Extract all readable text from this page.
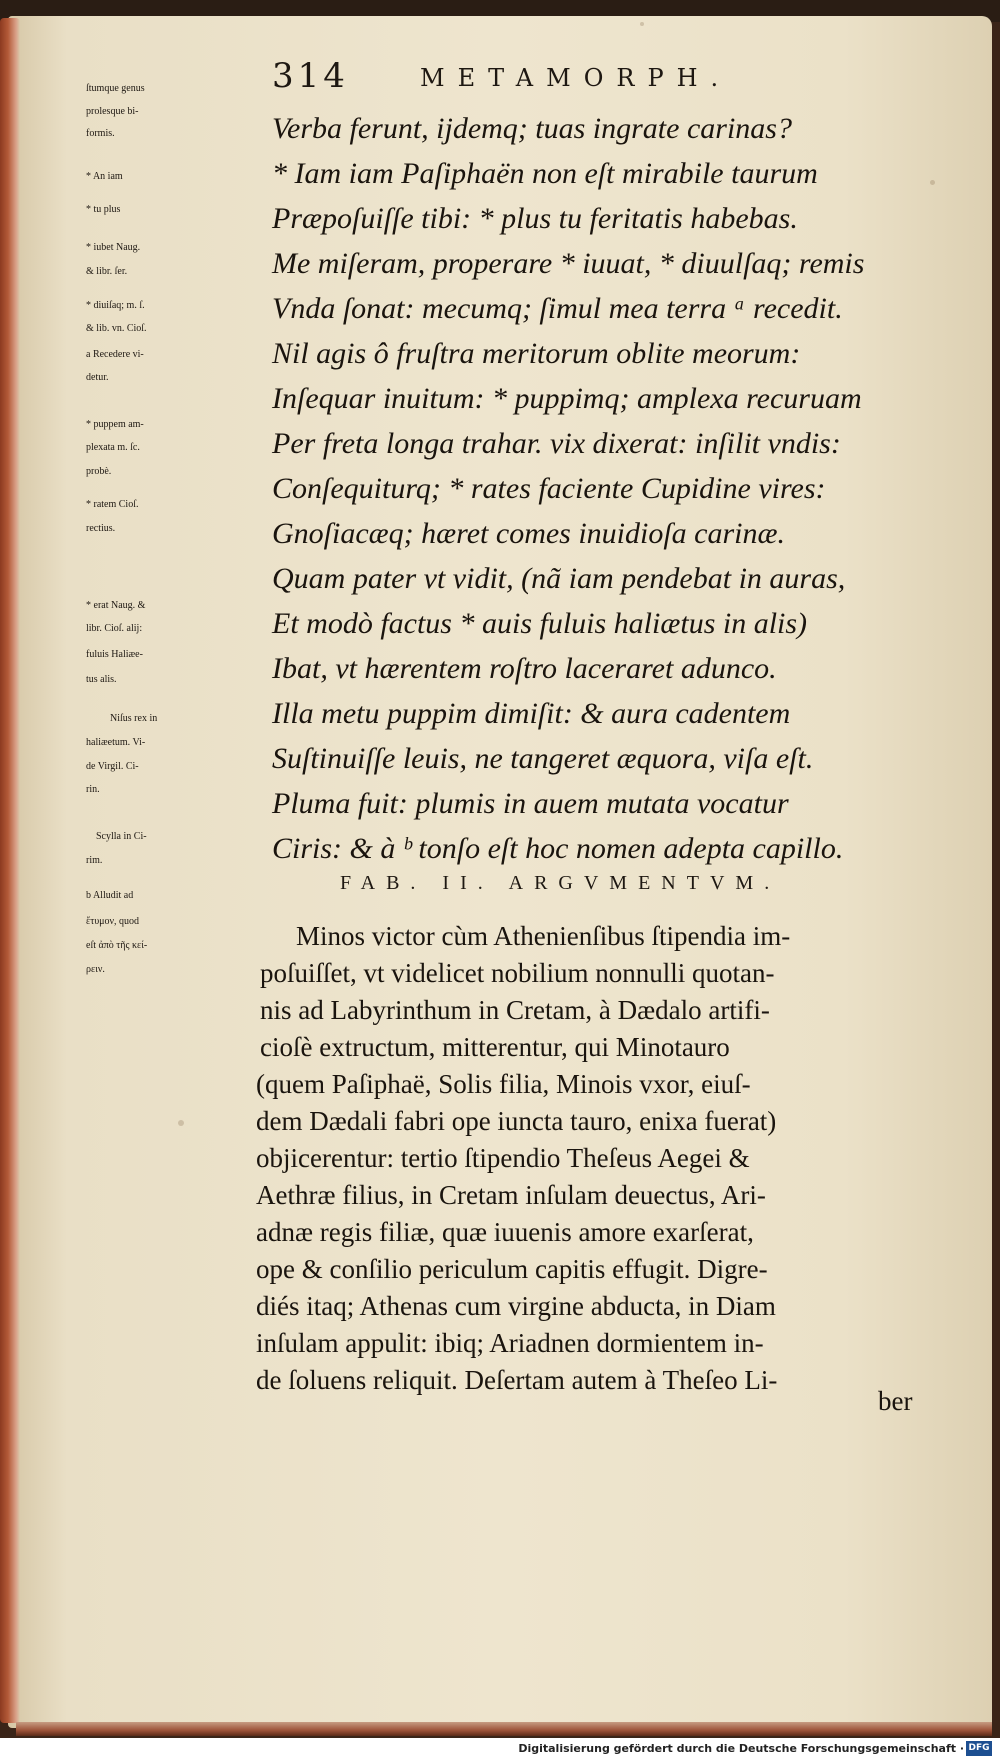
314	METAMORPH.
ſtumque genus
prolesque bi-
formis.
* An iam
* tu plus
* iubet Naug.
& libr. ſer.
* diuiſaq; m. ſ.
& lib. vn. Cioſ.
a Recedere vi-
detur.
* puppem am-
plexata m. ſc.
probè.
* ratem Cioſ.
rectius.
* erat Naug. &
libr. Cioſ. alij:
fuluis Haliæe-
tus alis.
Niſus rex in
haliæetum. Vi-
de Virgil. Ci-
rin.
Scylla in Ci-
rim.
b Alludit ad
ἔτυμον, quod
eſt ἀπὸ τῆς κεί-
ρειν.
Verba ferunt, ijdemq; tuas ingrate carinas?
* Iam iam Paſiphaën non eſt mirabile taurum
Præpoſuiſſe tibi: * plus tu feritatis habebas.
Me miſeram, properare * iuuat, * diuulſaq; remis
Vnda ſonat: mecumq; ſimul mea terra ᵃ recedit.
Nil agis ô fruſtra meritorum oblite meorum:
Inſequar inuitum: * puppimq; amplexa recuruam
Per freta longa trahar. vix dixerat: inſilit vndis:
Conſequiturq; * rates faciente Cupidine vires:
Gnoſiacæq; hæret comes inuidioſa carinæ.
Quam pater vt vidit, (nã iam pendebat in auras,
Et modò factus * auis fuluis haliætus in alis)
Ibat, vt hærentem roſtro laceraret adunco.
Illa metu puppim dimiſit: & aura cadentem
Suſtinuiſſe leuis, ne tangeret æquora, viſa eſt.
Pluma fuit: plumis in auem mutata vocatur
Ciris: & à ᵇ tonſo eſt hoc nomen adepta capillo.
FAB. II. ARGVMENTVM.
Minos victor cùm Athenienſibus ſtipendia im-
poſuiſſet, vt videlicet nobilium nonnulli quotan-
nis ad Labyrinthum in Cretam, à Dædalo artifi-
cioſè extructum, mitterentur, qui Minotauro
(quem Paſiphaë, Solis filia, Minois vxor, eiuſ-
dem Dædali fabri ope iuncta tauro, enixa fuerat)
objicerentur: tertio ſtipendio Theſeus Aegei &
Aethræ filius, in Cretam inſulam deuectus, Ari-
adnæ regis filiæ, quæ iuuenis amore exarſerat,
ope & conſilio periculum capitis effugit. Digre-
diés itaq; Athenas cum virgine abducta, in Diam
inſulam appulit: ibiq; Ariadnen dormientem in-
de ſoluens reliquit. Deſertam autem à Theſeo Li-
ber
Digitalisierung gefördert durch die Deutsche Forschungsgemeinschaft · DFG
